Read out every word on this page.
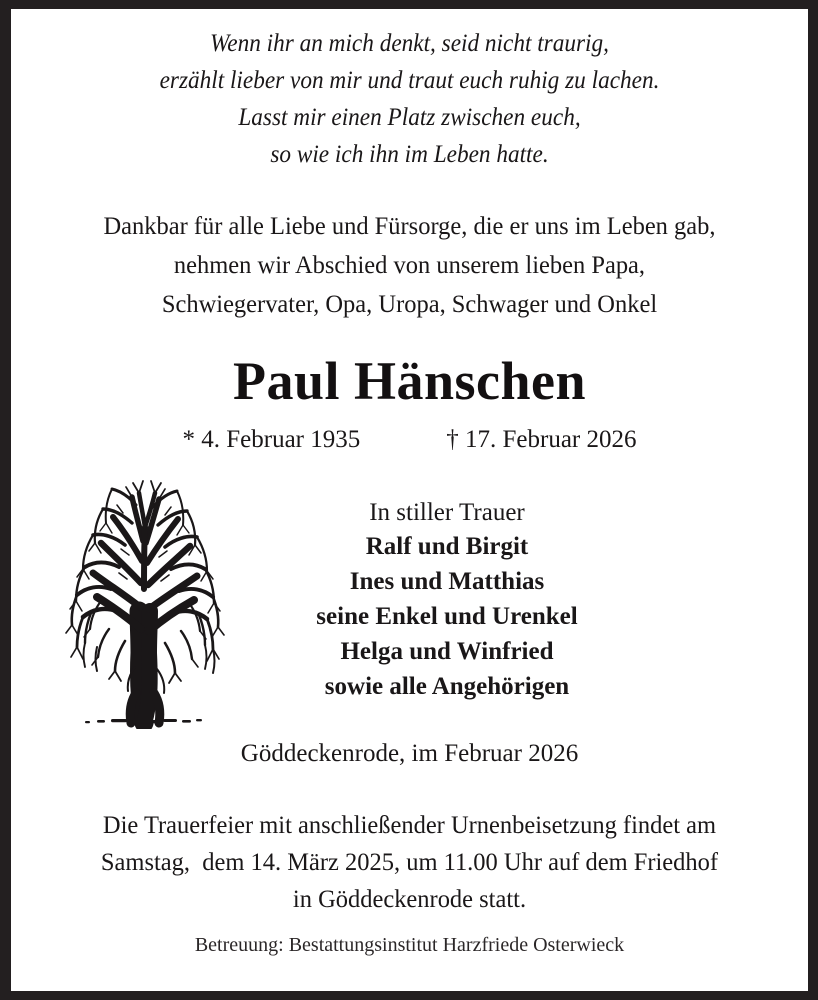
Wenn ihr an mich denkt, seid nicht traurig,
erzählt lieber von mir und traut euch ruhig zu lachen.
Lasst mir einen Platz zwischen euch,
so wie ich ihn im Leben hatte.
Dankbar für alle Liebe und Fürsorge, die er uns im Leben gab,
nehmen wir Abschied von unserem lieben Papa,
Schwiegervater, Opa, Uropa, Schwager und Onkel
Paul Hänschen
* 4. Februar 1935	† 17. Februar 2026
In stiller Trauer
Ralf und Birgit
Ines und Matthias
seine Enkel und Urenkel
Helga und Winfried
sowie alle Angehörigen
Göddeckenrode, im Februar 2026
Die Trauerfeier mit anschließender Urnenbeisetzung findet am
Samstag,  dem 14. März 2025, um 11.00 Uhr auf dem Friedhof
in Göddeckenrode statt.
Betreuung: Bestattungsinstitut Harzfriede Osterwieck
